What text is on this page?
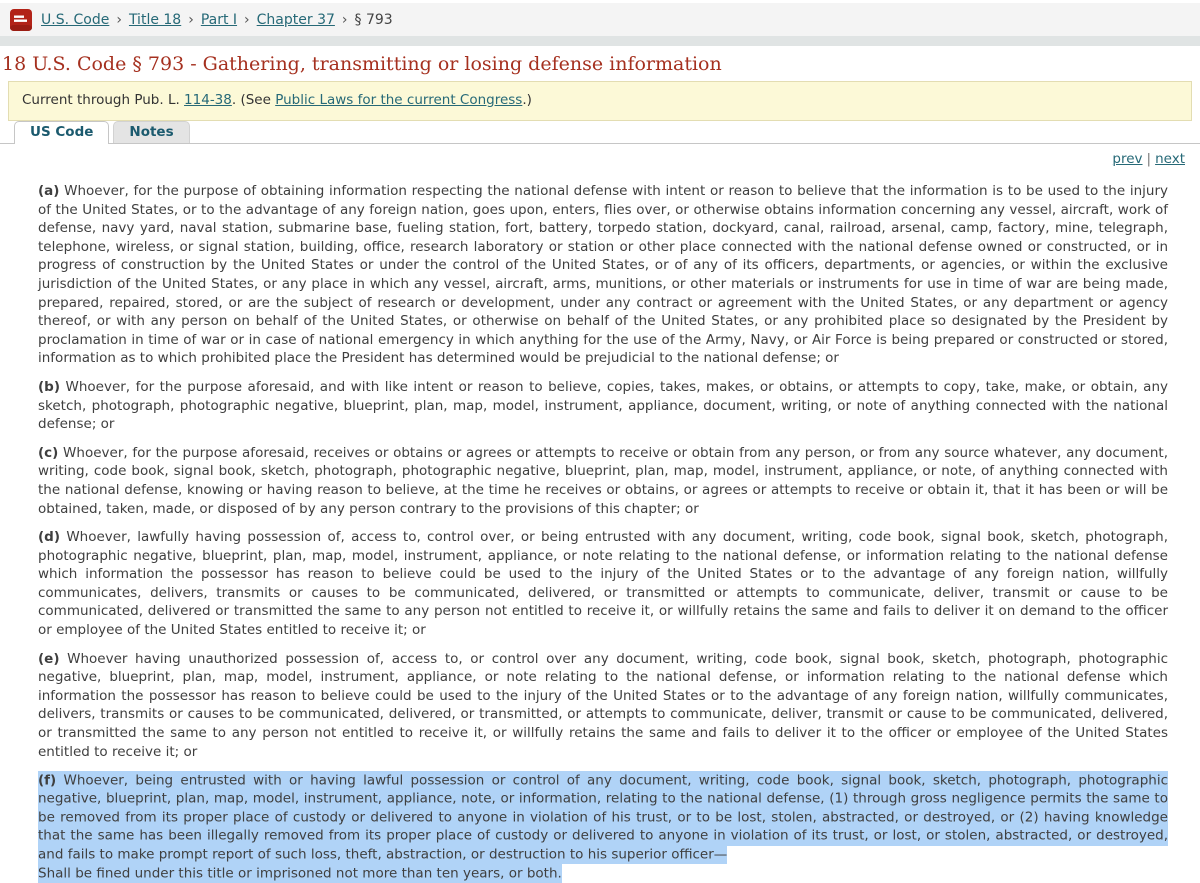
U.S. Code › Title 18 › Part I › Chapter 37 › § 793
18 U.S. Code § 793 - Gathering, transmitting or losing defense information
Current through Pub. L. 114-38. (See Public Laws for the current Congress.)
US Code	Notes
prev | next

(a) Whoever, for the purpose of obtaining information respecting the national defense with intent or reason to believe that the information is to be used to the injury of the United States, or to the advantage of any foreign nation, goes upon, enters, flies over, or otherwise obtains information concerning any vessel, aircraft, work of defense, navy yard, naval station, submarine base, fueling station, fort, battery, torpedo station, dockyard, canal, railroad, arsenal, camp, factory, mine, telegraph, telephone, wireless, or signal station, building, office, research laboratory or station or other place connected with the national defense owned or constructed, or in progress of construction by the United States or under the control of the United States, or of any of its officers, departments, or agencies, or within the exclusive jurisdiction of the United States, or any place in which any vessel, aircraft, arms, munitions, or other materials or instruments for use in time of war are being made, prepared, repaired, stored, or are the subject of research or development, under any contract or agreement with the United States, or any department or agency thereof, or with any person on behalf of the United States, or otherwise on behalf of the United States, or any prohibited place so designated by the President by proclamation in time of war or in case of national emergency in which anything for the use of the Army, Navy, or Air Force is being prepared or constructed or stored, information as to which prohibited place the President has determined would be prejudicial to the national defense; or

(b) Whoever, for the purpose aforesaid, and with like intent or reason to believe, copies, takes, makes, or obtains, or attempts to copy, take, make, or obtain, any sketch, photograph, photographic negative, blueprint, plan, map, model, instrument, appliance, document, writing, or note of anything connected with the national defense; or

(c) Whoever, for the purpose aforesaid, receives or obtains or agrees or attempts to receive or obtain from any person, or from any source whatever, any document, writing, code book, signal book, sketch, photograph, photographic negative, blueprint, plan, map, model, instrument, appliance, or note, of anything connected with the national defense, knowing or having reason to believe, at the time he receives or obtains, or agrees or attempts to receive or obtain it, that it has been or will be obtained, taken, made, or disposed of by any person contrary to the provisions of this chapter; or

(d) Whoever, lawfully having possession of, access to, control over, or being entrusted with any document, writing, code book, signal book, sketch, photograph, photographic negative, blueprint, plan, map, model, instrument, appliance, or note relating to the national defense, or information relating to the national defense which information the possessor has reason to believe could be used to the injury of the United States or to the advantage of any foreign nation, willfully communicates, delivers, transmits or causes to be communicated, delivered, or transmitted or attempts to communicate, deliver, transmit or cause to be communicated, delivered or transmitted the same to any person not entitled to receive it, or willfully retains the same and fails to deliver it on demand to the officer or employee of the United States entitled to receive it; or

(e) Whoever having unauthorized possession of, access to, or control over any document, writing, code book, signal book, sketch, photograph, photographic negative, blueprint, plan, map, model, instrument, appliance, or note relating to the national defense, or information relating to the national defense which information the possessor has reason to believe could be used to the injury of the United States or to the advantage of any foreign nation, willfully communicates, delivers, transmits or causes to be communicated, delivered, or transmitted, or attempts to communicate, deliver, transmit or cause to be communicated, delivered, or transmitted the same to any person not entitled to receive it, or willfully retains the same and fails to deliver it to the officer or employee of the United States entitled to receive it; or

(f) Whoever, being entrusted with or having lawful possession or control of any document, writing, code book, signal book, sketch, photograph, photographic negative, blueprint, plan, map, model, instrument, appliance, note, or information, relating to the national defense, (1) through gross negligence permits the same to be removed from its proper place of custody or delivered to anyone in violation of his trust, or to be lost, stolen, abstracted, or destroyed, or (2) having knowledge that the same has been illegally removed from its proper place of custody or delivered to anyone in violation of its trust, or lost, or stolen, abstracted, or destroyed, and fails to make prompt report of such loss, theft, abstraction, or destruction to his superior officer—
Shall be fined under this title or imprisoned not more than ten years, or both.
